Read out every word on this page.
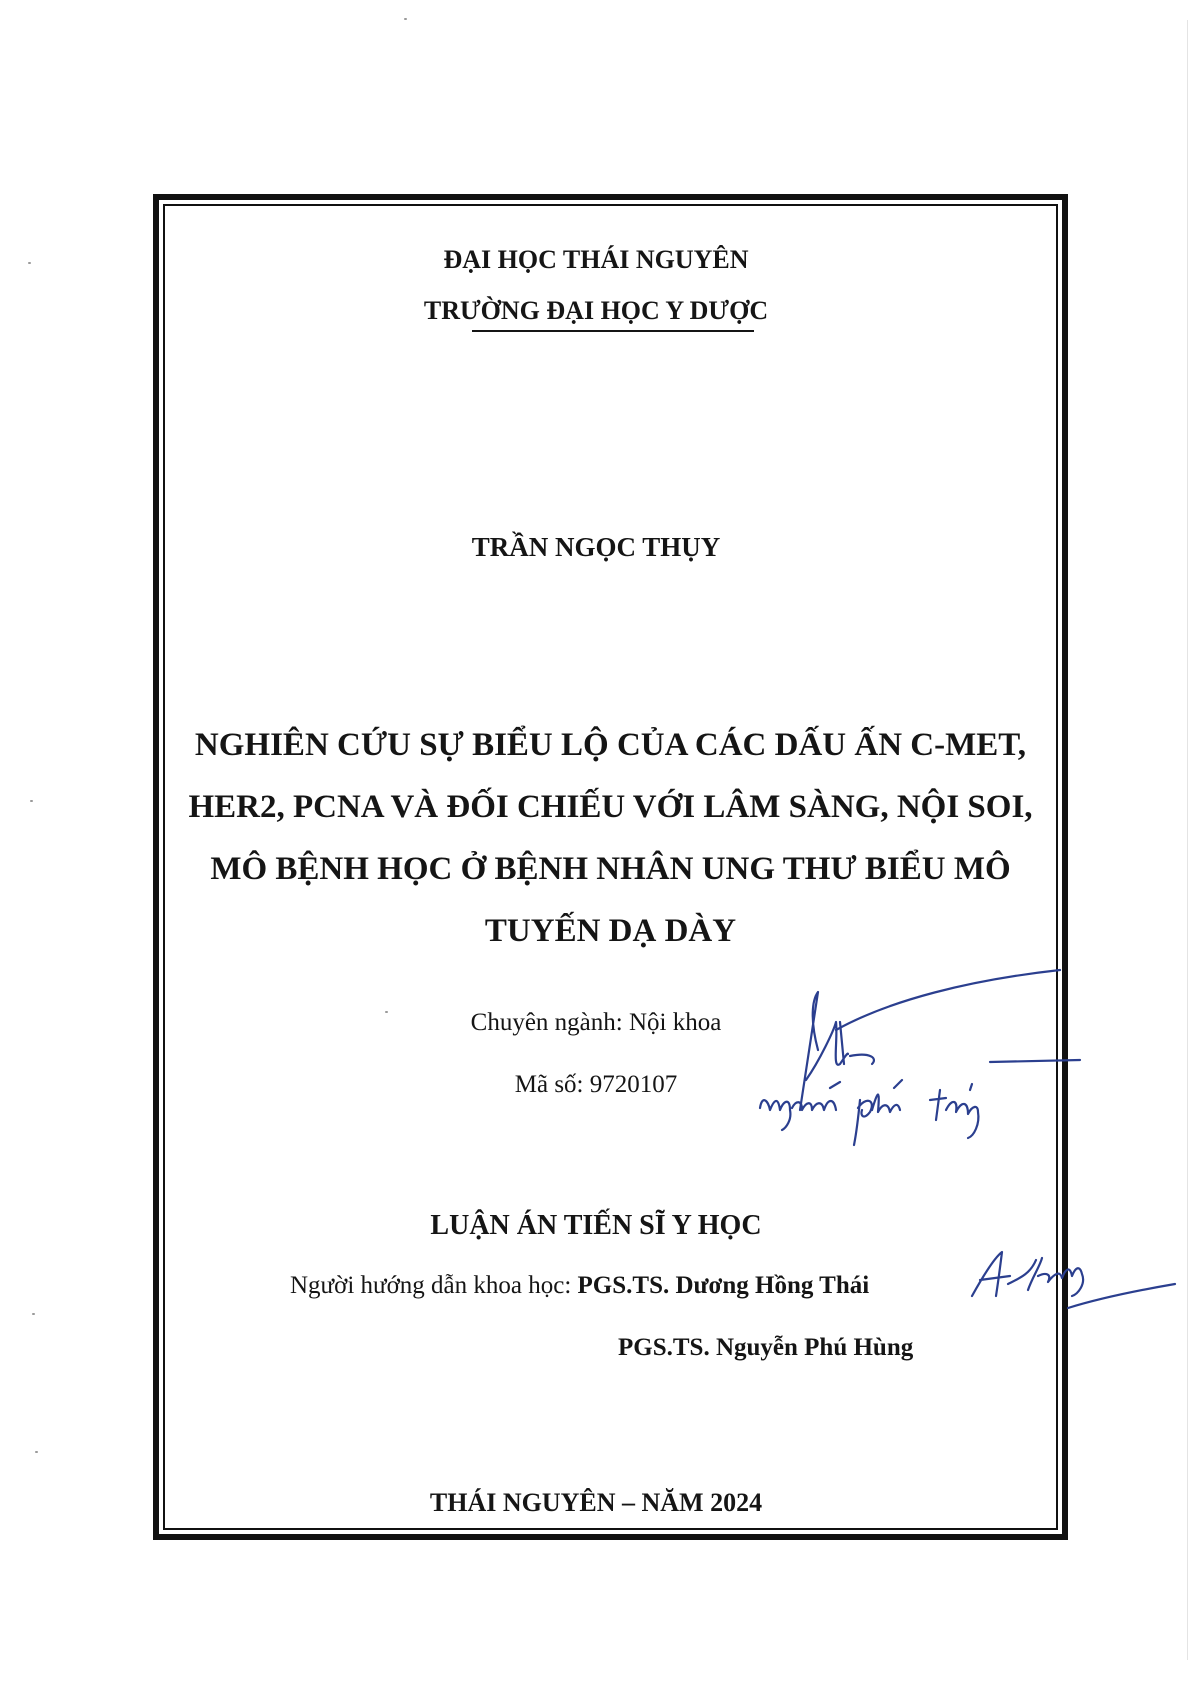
ĐẠI HỌC THÁI NGUYÊN

TRƯỜNG ĐẠI HỌC Y DƯỢC

TRẦN NGỌC THỤY

NGHIÊN CỨU SỰ BIỂU LỘ CỦA CÁC DẤU ẤN C-MET,
HER2, PCNA VÀ ĐỐI CHIẾU VỚI LÂM SÀNG, NỘI SOI,
MÔ BỆNH HỌC Ở BỆNH NHÂN UNG THƯ BIỂU MÔ
TUYẾN DẠ DÀY

Chuyên ngành: Nội khoa

Mã số: 9720107

LUẬN ÁN TIẾN SĨ Y HỌC

Người hướng dẫn khoa học: PGS.TS. Dương Hồng Thái
PGS.TS. Nguyễn Phú Hùng

THÁI NGUYÊN – NĂM 2024
